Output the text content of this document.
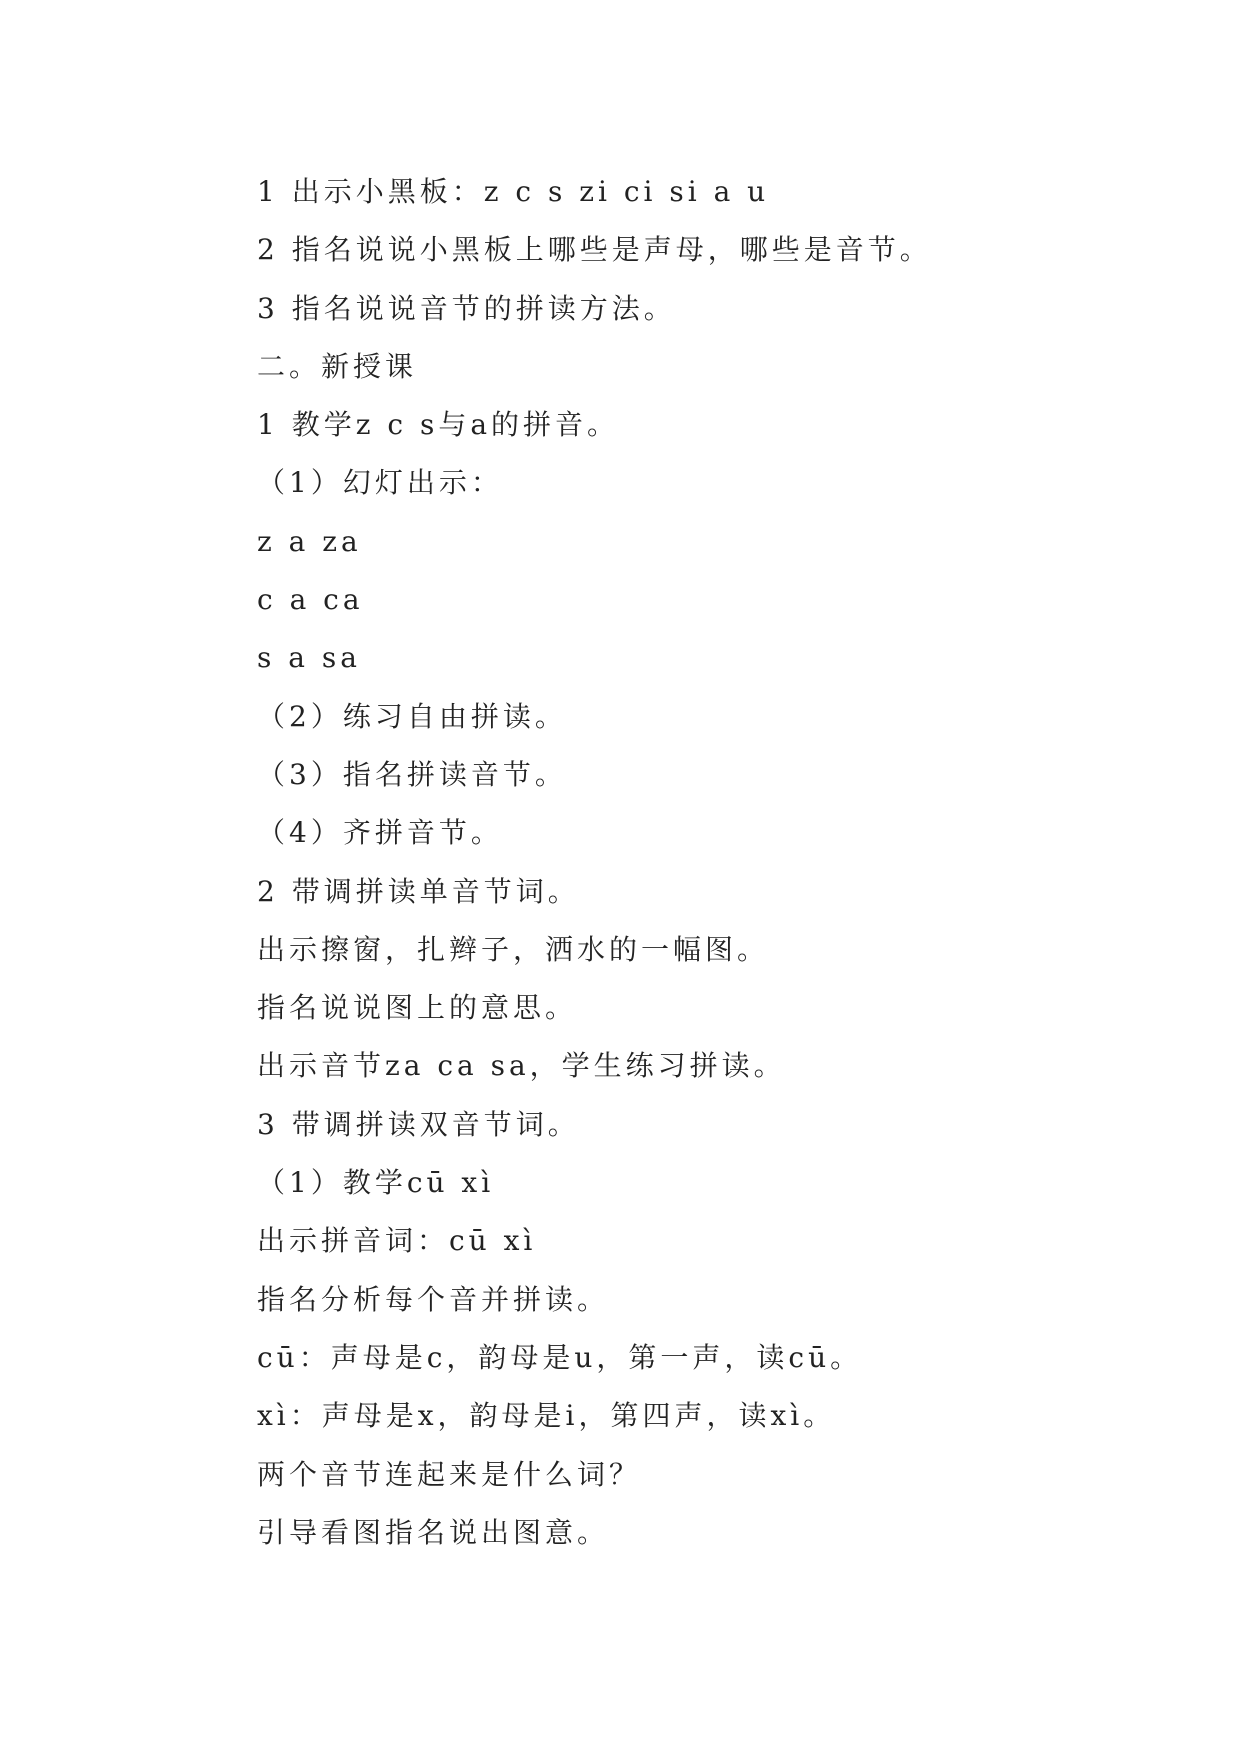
1 出示小黑板：z c s zi ci si a u
2 指名说说小黑板上哪些是声母，哪些是音节。
3 指名说说音节的拼读方法。
二。新授课
1 教学z c s与a的拼音。
（1）幻灯出示：
z a za
c a ca
s a sa
（2）练习自由拼读。
（3）指名拼读音节。
（4）齐拼音节。
2 带调拼读单音节词。
出示擦窗，扎辫子，洒水的一幅图。
指名说说图上的意思。
出示音节za ca sa，学生练习拼读。
3 带调拼读双音节词。
（1）教学cū xì
出示拼音词：cū xì
指名分析每个音并拼读。
cū：声母是c，韵母是u，第一声，读cū。
xì：声母是x，韵母是i，第四声，读xì。
两个音节连起来是什么词？
引导看图指名说出图意。
